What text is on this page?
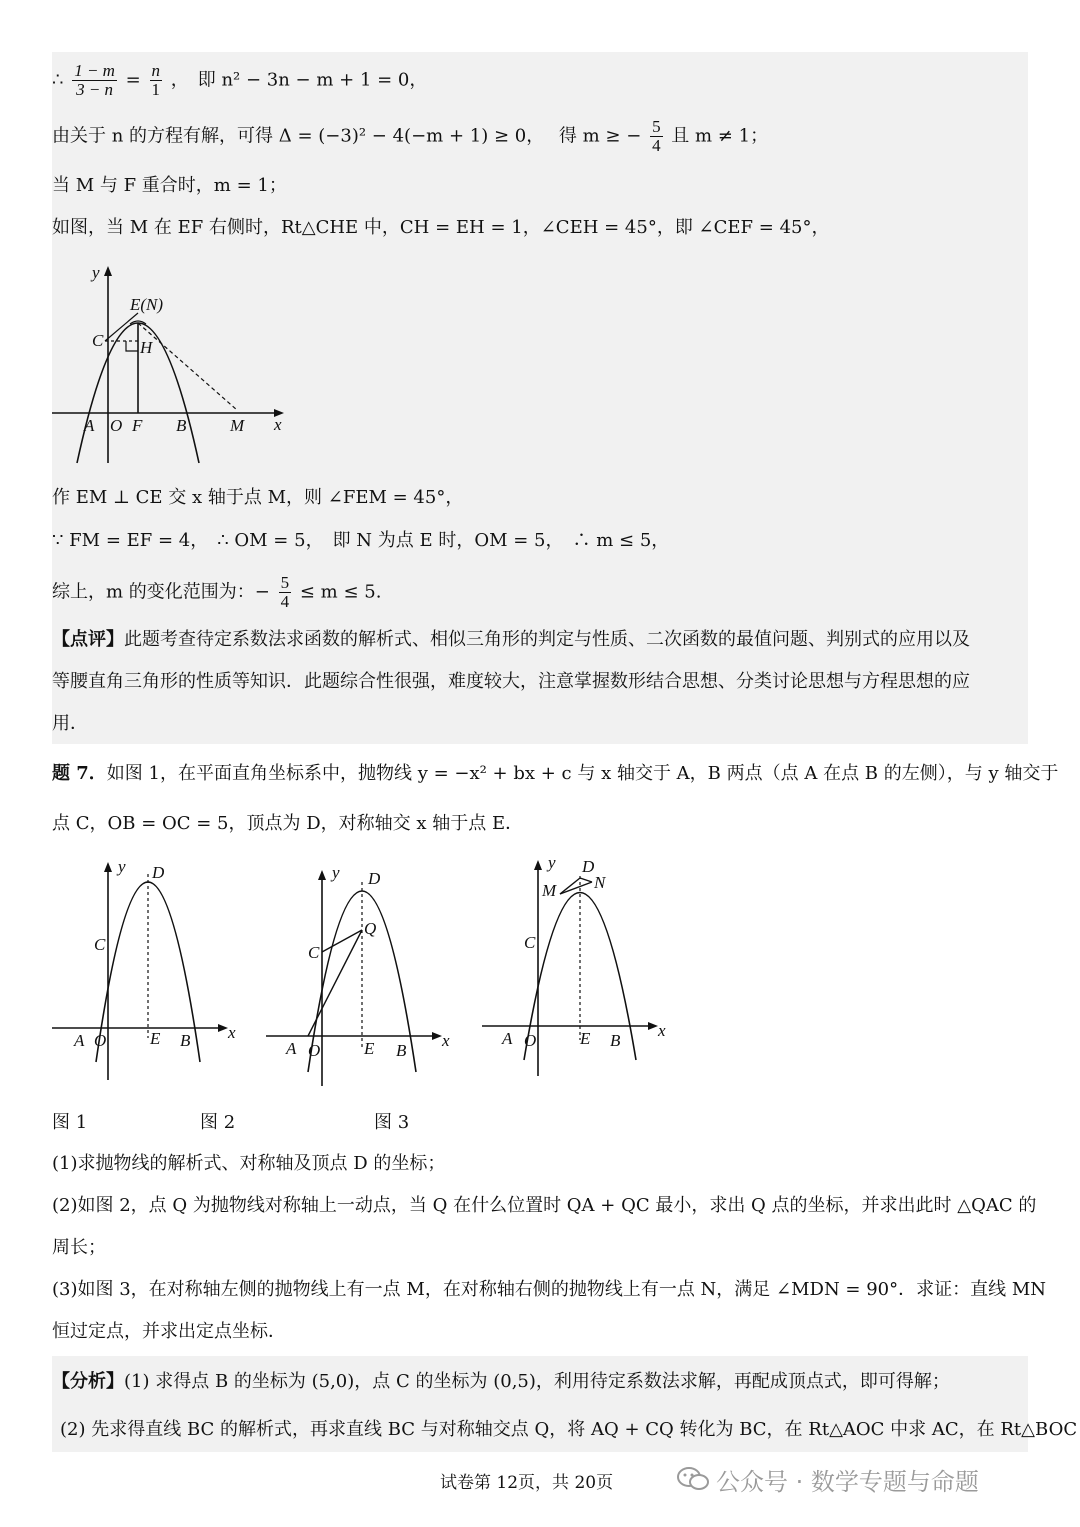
∴ $\frac{1 - m}{3 - n} = \frac{n}{1}$ ，　即 n² − 3n − m + 1 = 0，
由关于 n 的方程有解，可得 Δ = (−3)² − 4(−m + 1) ≥ 0，　 得 m ≥ − $\frac{5}{4}$ 且 m ≠ 1；
当 M 与 F 重合时，m = 1；
如图，当 M 在 EF 右侧时，Rt△CHE 中，CH = EH = 1，∠CEH = 45°，即 ∠CEF = 45°，
y
x
E(N)
C H
A O F B	M
作 EM ⊥ CE 交 x 轴于点 M，则 ∠FEM = 45°，
∵ FM = EF = 4，　∴ OM = 5，　即 N 为点 E 时，OM = 5，　∴ m ≤ 5，
综上，m 的变化范围为：− $\frac{5}{4} \le m \le 5$.
【点评】此题考查待定系数法求函数的解析式、相似三角形的判定与性质、二次函数的最值问题、判别式的应用以及
等腰直角三角形的性质等知识．此题综合性很强，难度较大，注意掌握数形结合思想、分类讨论思想与方程思想的应
用．
题 7．如图 1，在平面直角坐标系中，抛物线 y = −x² + bx + c 与 x 轴交于 A，B 两点（点 A 在点 B 的左侧），与 y 轴交于
点 C，OB = OC = 5，顶点为 D，对称轴交 x 轴于点 E．
y D
C
A O	E B x
y D
C
Q
A O	E B
x
y D
M N
C
A O	E B
x
图 1	图 2	图 3
(1)求抛物线的解析式、对称轴及顶点 D 的坐标；
(2)如图 2，点 Q 为抛物线对称轴上一动点，当 Q 在什么位置时 QA + QC 最小，求出 Q 点的坐标，并求出此时 △QAC 的
周长；
(3)如图 3，在对称轴左侧的抛物线上有一点 M，在对称轴右侧的抛物线上有一点 N，满足 ∠MDN = 90°．求证：直线 MN
恒过定点，并求出定点坐标．
【分析】(1) 求得点 B 的坐标为 (5,0)，点 C 的坐标为 (0,5)，利用待定系数法求解，再配成顶点式，即可得解；
(2) 先求得直线 BC 的解析式，再求直线 BC 与对称轴交点 Q，将 AQ + CQ 转化为 BC，在 Rt△AOC 中求 AC，在 Rt△BOC
试卷第 12页，共 20页	公众号 · 数学专题与命题
